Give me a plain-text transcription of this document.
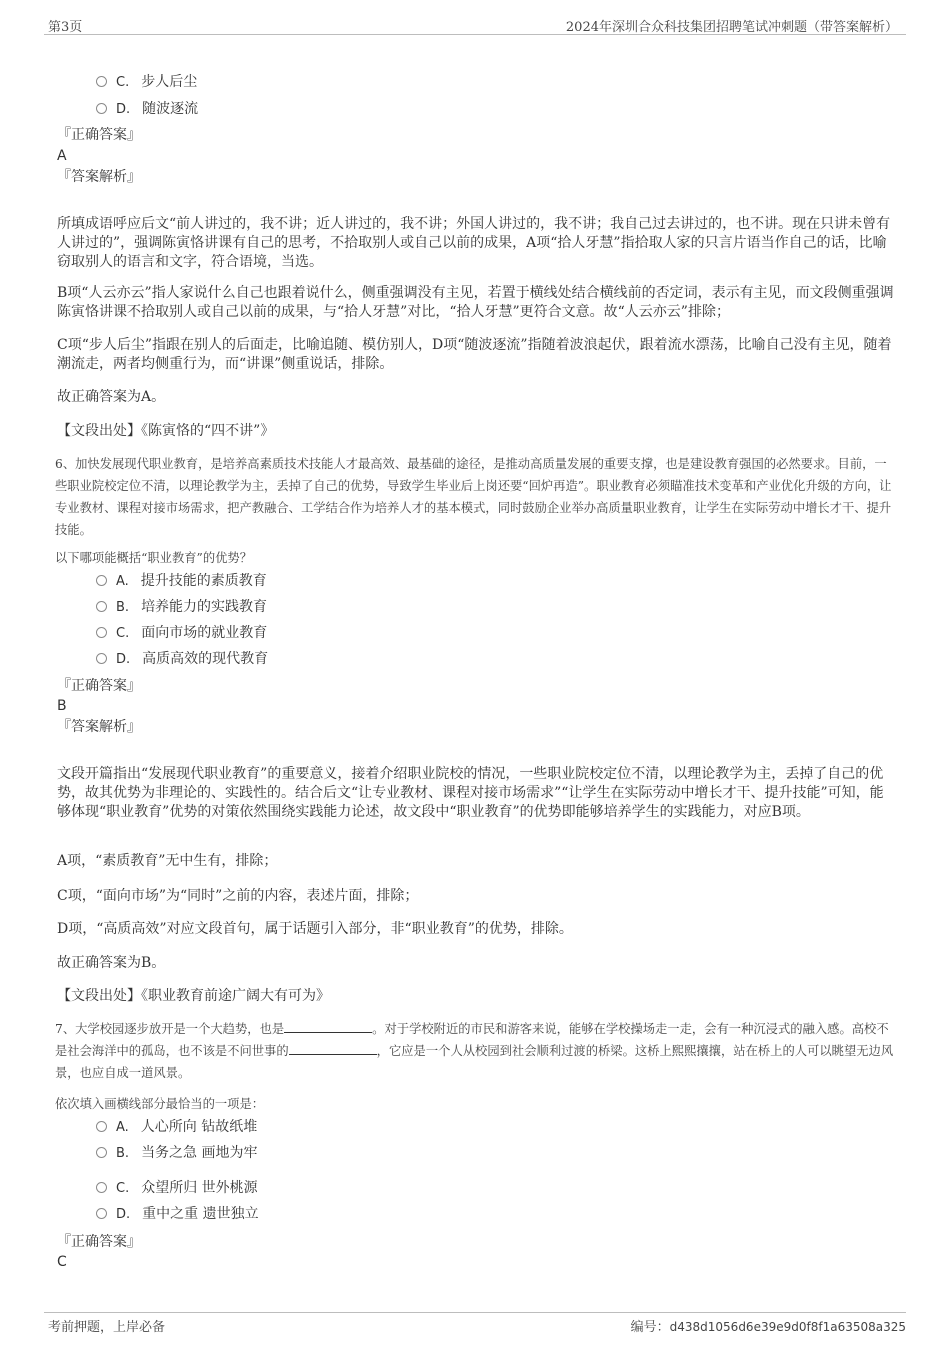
第3页	2024年深圳合众科技集团招聘笔试冲刺题（带答案解析）
C. 步人后尘
D. 随波逐流
『正确答案』
A
『答案解析』

所填成语呼应后文“前人讲过的，我不讲；近人讲过的，我不讲；外国人讲过的，我不讲；我自己过去讲过的，也不讲。现在只讲未曾有人讲过的”，强调陈寅恪讲课有自己的思考，不拾取别人或自己以前的成果，A项“拾人牙慧”指拾取人家的只言片语当作自己的话，比喻窃取别人的语言和文字，符合语境，当选。

B项“人云亦云”指人家说什么自己也跟着说什么，侧重强调没有主见，若置于横线处结合横线前的否定词，表示有主见，而文段侧重强调陈寅恪讲课不拾取别人或自己以前的成果，与“拾人牙慧”对比，“拾人牙慧”更符合文意。故“人云亦云”排除；

C项“步人后尘”指跟在别人的后面走，比喻追随、模仿别人，D项“随波逐流”指随着波浪起伏，跟着流水漂荡，比喻自己没有主见，随着潮流走，两者均侧重行为，而“讲课”侧重说话，排除。

故正确答案为A。

【文段出处】《陈寅恪的“四不讲”》

6、加快发展现代职业教育，是培养高素质技术技能人才最高效、最基础的途径，是推动高质量发展的重要支撑，也是建设教育强国的必然要求。目前，一些职业院校定位不清，以理论教学为主，丢掉了自己的优势，导致学生毕业后上岗还要“回炉再造”。职业教育必须瞄准技术变革和产业优化升级的方向，让专业教材、课程对接市场需求，把产教融合、工学结合作为培养人才的基本模式，同时鼓励企业举办高质量职业教育，让学生在实际劳动中增长才干、提升技能。

以下哪项能概括“职业教育”的优势？

A. 提升技能的素质教育
B. 培养能力的实践教育
C. 面向市场的就业教育
D. 高质高效的现代教育
『正确答案』
B
『答案解析』

文段开篇指出“发展现代职业教育”的重要意义，接着介绍职业院校的情况，一些职业院校定位不清，以理论教学为主，丢掉了自己的优势，故其优势为非理论的、实践性的。结合后文“让专业教材、课程对接市场需求”“让学生在实际劳动中增长才干、提升技能”可知，能够体现“职业教育”优势的对策依然围绕实践能力论述，故文段中“职业教育”的优势即能够培养学生的实践能力，对应B项。

A项，“素质教育”无中生有，排除；

C项，“面向市场”为“同时”之前的内容，表述片面，排除；

D项，“高质高效”对应文段首句，属于话题引入部分，非“职业教育”的优势，排除。

故正确答案为B。

【文段出处】《职业教育前途广阔大有可为》

7、大学校园逐步放开是一个大趋势，也是	。对于学校附近的市民和游客来说，能够在学校操场走一走，会有一种沉浸式的融入感。高校不是社会海洋中的孤岛，也不该是不问世事的	，它应是一个人从校园到社会顺利过渡的桥梁。这桥上熙熙攘攘，站在桥上的人可以眺望无边风景，也应自成一道风景。

依次填入画横线部分最恰当的一项是：

A. 人心所向 钻故纸堆
B. 当务之急 画地为牢
C. 众望所归 世外桃源
D. 重中之重 遗世独立
『正确答案』
C
考前押题，上岸必备	编号：d438d1056d6e39e9d0f8f1a63508a325
